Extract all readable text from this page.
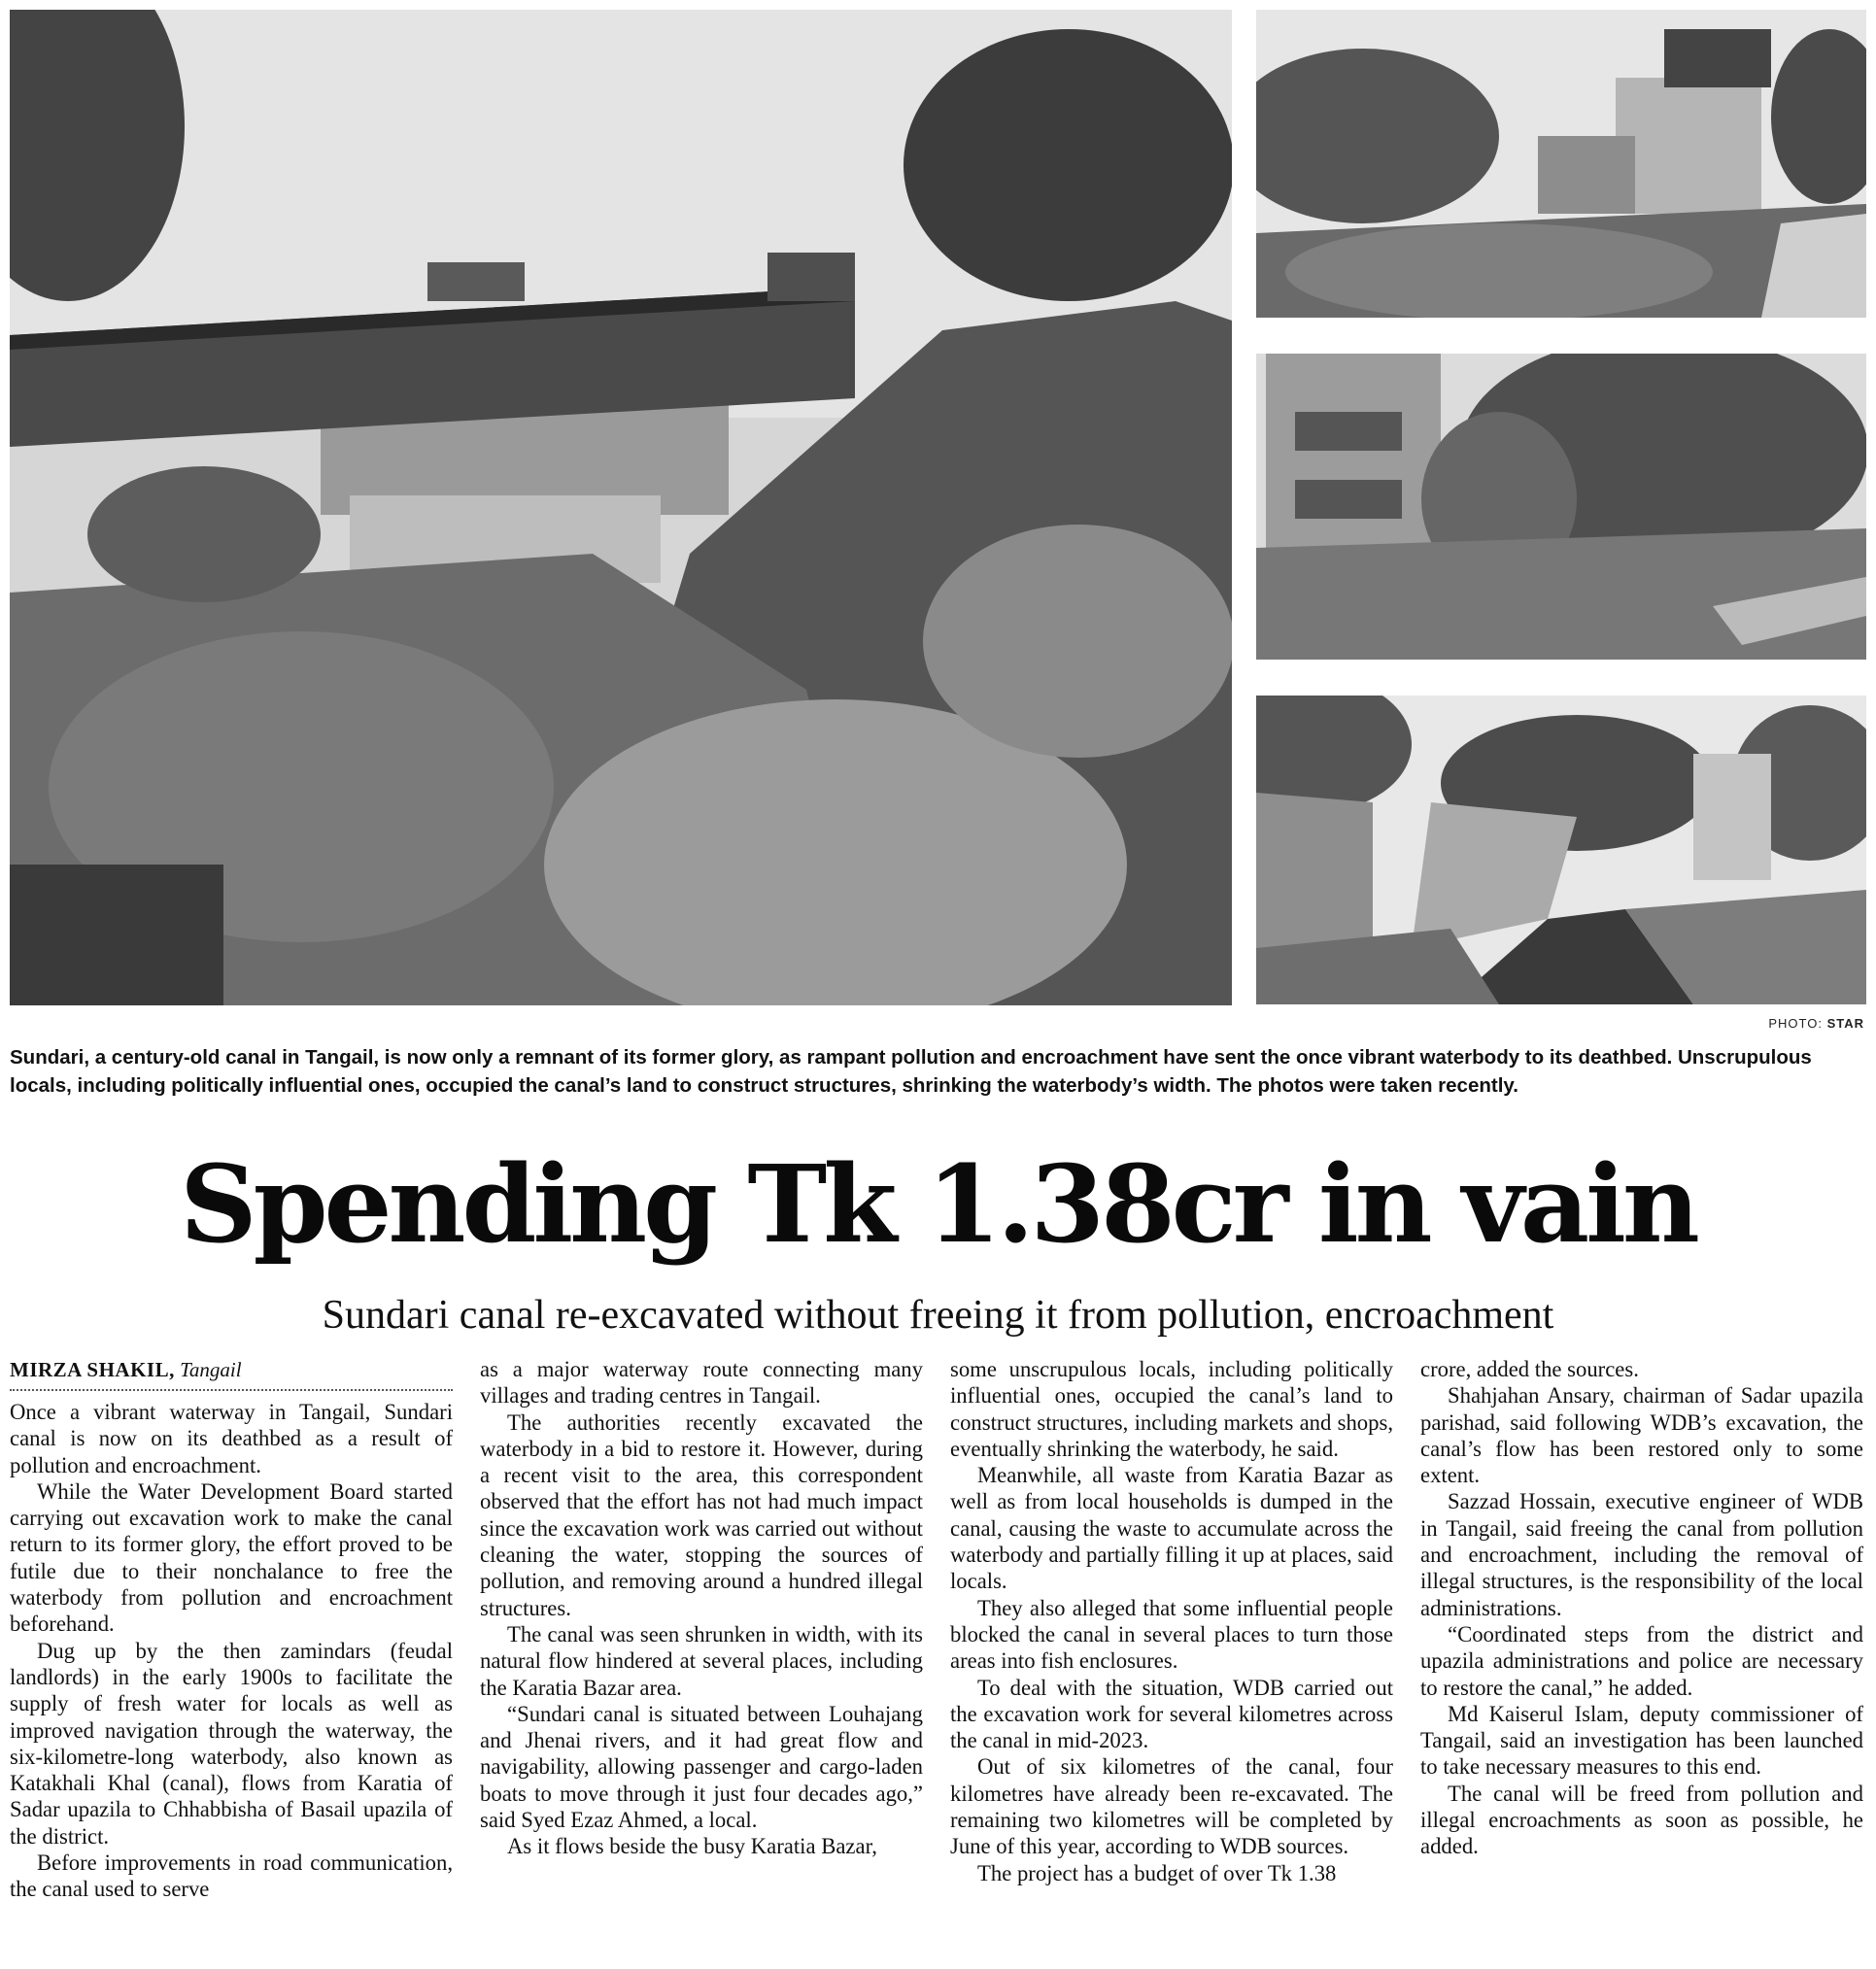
PHOTO: STAR
Sundari, a century-old canal in Tangail, is now only a remnant of its former glory, as rampant pollution and encroachment have sent the once vibrant waterbody to its deathbed. Unscrupulous locals, including politically influential ones, occupied the canal’s land to construct structures, shrinking the waterbody’s width. The photos were taken recently.
Spending Tk 1.38cr in vain
Sundari canal re-excavated without freeing it from pollution, encroachment
MIRZA SHAKIL, Tangail

Once a vibrant waterway in Tangail, Sundari canal is now on its deathbed as a result of pollution and encroachment.

While the Water Development Board started carrying out excavation work to make the canal return to its former glory, the effort proved to be futile due to their nonchalance to free the waterbody from pollution and encroachment beforehand.

Dug up by the then zamindars (feudal landlords) in the early 1900s to facilitate the supply of fresh water for locals as well as improved navigation through the waterway, the six-kilometre-long waterbody, also known as Katakhali Khal (canal), flows from Karatia of Sadar upazila to Chhabbisha of Basail upazila of the district.

Before improvements in road communication, the canal used to serve

as a major waterway route connecting many villages and trading centres in Tangail.

The authorities recently excavated the waterbody in a bid to restore it. However, during a recent visit to the area, this correspondent observed that the effort has not had much impact since the excavation work was carried out without cleaning the water, stopping the sources of pollution, and removing around a hundred illegal structures.

The canal was seen shrunken in width, with its natural flow hindered at several places, including the Karatia Bazar area.

“Sundari canal is situated between Louhajang and Jhenai rivers, and it had great flow and navigability, allowing passenger and cargo-laden boats to move through it just four decades ago,” said Syed Ezaz Ahmed, a local.

As it flows beside the busy Karatia Bazar,

some unscrupulous locals, including politically influential ones, occupied the canal’s land to construct structures, including markets and shops, eventually shrinking the waterbody, he said.

Meanwhile, all waste from Karatia Bazar as well as from local households is dumped in the canal, causing the waste to accumulate across the waterbody and partially filling it up at places, said locals.

They also alleged that some influential people blocked the canal in several places to turn those areas into fish enclosures.

To deal with the situation, WDB carried out the excavation work for several kilometres across the canal in mid-2023.

Out of six kilometres of the canal, four kilometres have already been re-excavated. The remaining two kilometres will be completed by June of this year, according to WDB sources.

The project has a budget of over Tk 1.38

crore, added the sources.

Shahjahan Ansary, chairman of Sadar upazila parishad, said following WDB’s excavation, the canal’s flow has been restored only to some extent.

Sazzad Hossain, executive engineer of WDB in Tangail, said freeing the canal from pollution and encroachment, including the removal of illegal structures, is the responsibility of the local administrations.

“Coordinated steps from the district and upazila administrations and police are necessary to restore the canal,” he added.

Md Kaiserul Islam, deputy commissioner of Tangail, said an investigation has been launched to take necessary measures to this end.

The canal will be freed from pollution and illegal encroachments as soon as possible, he added.
